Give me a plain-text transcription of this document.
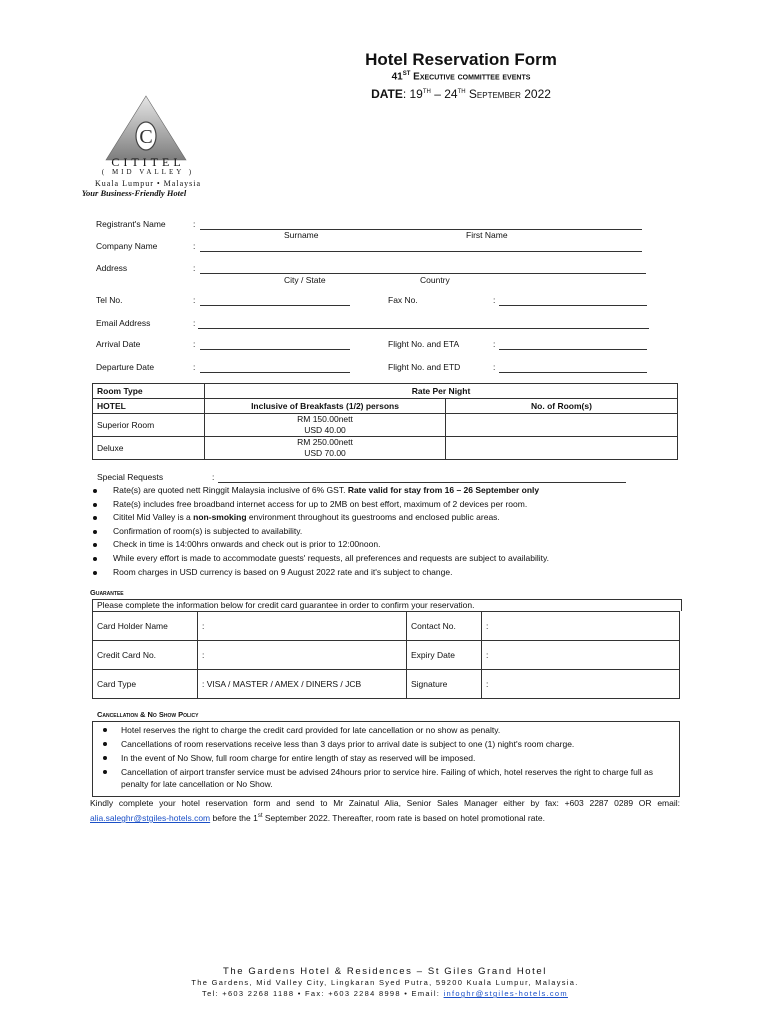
Hotel Reservation Form
41ST Executive committee events
DATE: 19TH – 24TH September 2022
C
CITITEL
( MID VALLEY )
Kuala Lumpur • Malaysia
Your Business-Friendly Hotel
Registrant's Name	:
Surname	First Name
Company Name	:
Address	:
City / State	Country
Tel No.	:	Fax No.	:
Email Address	:
Arrival Date	:	Flight No. and ETA	:
Departure Date	:	Flight No. and ETD	:
Room Type	Rate Per Night	
HOTEL	Inclusive of Breakfasts (1/2) persons	No. of Room(s)
Superior Room	RM 150.00nett
USD 40.00	
Deluxe	RM 250.00nett
USD 70.00	
Special Requests	:
Rate(s) are quoted nett Ringgit Malaysia inclusive of 6% GST. Rate valid for stay from 16 – 26 September only
Rate(s) includes free broadband internet access for up to 2MB on best effort, maximum of 2 devices per room.
Cititel Mid Valley is a non-smoking environment throughout its guestrooms and enclosed public areas.
Confirmation of room(s) is subjected to availability.
Check in time is 14:00hrs onwards and check out is prior to 12:00noon.
While every effort is made to accommodate guests' requests, all preferences and requests are subject to availability.
Room charges in USD currency is based on 9 August 2022 rate and it's subject to change.
Guarantee
Please complete the information below for credit card guarantee in order to confirm your reservation.
Card Holder Name	:	Contact No.	:
Credit Card No.	:	Expiry Date	:
Card Type	: VISA / MASTER / AMEX / DINERS / JCB	Signature	:
Cancellation & No Show Policy
Hotel reserves the right to charge the credit card provided for late cancellation or no show as penalty.
Cancellations of room reservations receive less than 3 days prior to arrival date is subject to one (1) night's room charge.
In the event of No Show, full room charge for entire length of stay as reserved will be imposed.
Cancellation of airport transfer service must be advised 24hours prior to service hire. Failing of which, hotel reserves the right to charge full as penalty for late cancellation or No Show.
Kindly complete your hotel reservation form and send to Mr Zainatul Alia, Senior Sales Manager either by fax: +603 2287 0289 OR email: alia.saleghr@stgiles-hotels.com before the 1st September 2022. Thereafter, room rate is based on hotel promotional rate.
The Gardens Hotel & Residences – St Giles Grand Hotel
The Gardens, Mid Valley City, Lingkaran Syed Putra, 59200 Kuala Lumpur, Malaysia.
Tel: +603 2268 1188 • Fax: +603 2284 8998 • Email: infoghr@stgiles-hotels.com
